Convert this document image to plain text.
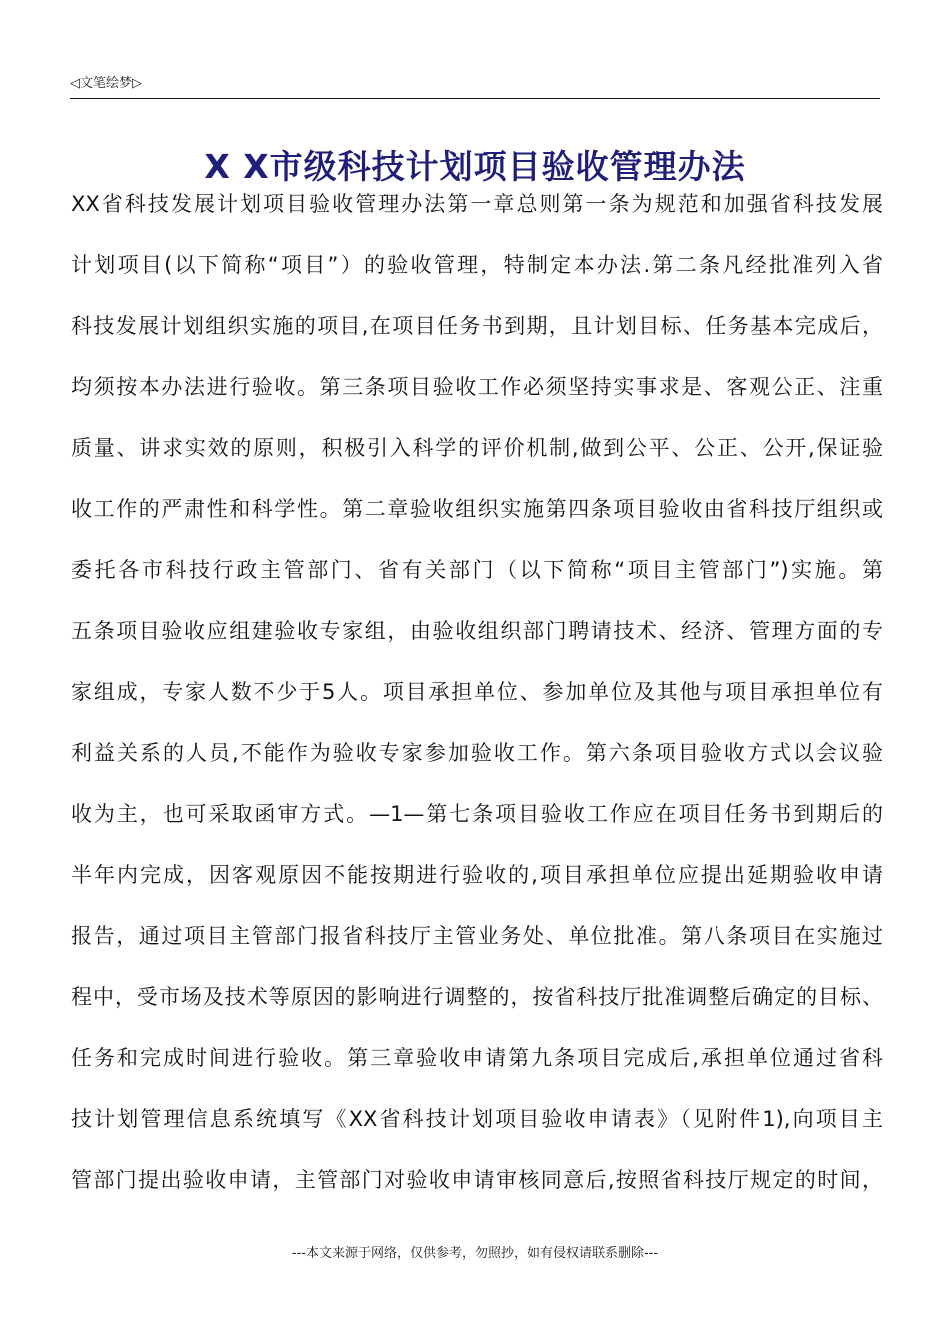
◁文笔绘梦▷
X X市级科技计划项目验收管理办法
XX省科技发展计划项目验收管理办法第一章总则第一条为规范和加强省科技发展
计划项目(以下简称“项目”）的验收管理，特制定本办法.第二条凡经批准列入省
科技发展计划组织实施的项目,在项目任务书到期，且计划目标、任务基本完成后，
均须按本办法进行验收。第三条项目验收工作必须坚持实事求是、客观公正、注重
质量、讲求实效的原则，积极引入科学的评价机制,做到公平、公正、公开,保证验
收工作的严肃性和科学性。第二章验收组织实施第四条项目验收由省科技厅组织或
委托各市科技行政主管部门、省有关部门（以下简称“项目主管部门”)实施。第
五条项目验收应组建验收专家组，由验收组织部门聘请技术、经济、管理方面的专
家组成，专家人数不少于5人。项目承担单位、参加单位及其他与项目承担单位有
利益关系的人员,不能作为验收专家参加验收工作。第六条项目验收方式以会议验
收为主，也可采取函审方式。—1—第七条项目验收工作应在项目任务书到期后的
半年内完成，因客观原因不能按期进行验收的,项目承担单位应提出延期验收申请
报告，通过项目主管部门报省科技厅主管业务处、单位批准。第八条项目在实施过
程中，受市场及技术等原因的影响进行调整的，按省科技厅批准调整后确定的目标、
任务和完成时间进行验收。第三章验收申请第九条项目完成后,承担单位通过省科
技计划管理信息系统填写《XX省科技计划项目验收申请表》（见附件1),向项目主
管部门提出验收申请，主管部门对验收申请审核同意后,按照省科技厅规定的时间，
---本文来源于网络，仅供参考，勿照抄，如有侵权请联系删除---
